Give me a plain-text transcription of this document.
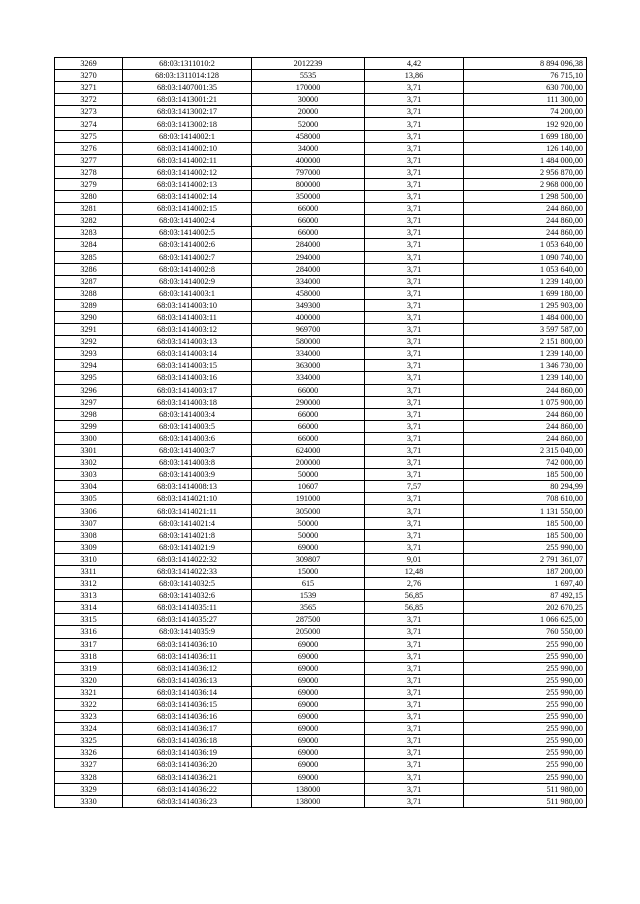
3269	68:03:1311010:2	2012239	4,42	8 894 096,38
3270	68:03:1311014:128	5535	13,86	76 715,10
3271	68:03:1407001:35	170000	3,71	630 700,00
3272	68:03:1413001:21	30000	3,71	111 300,00
3273	68:03:1413002:17	20000	3,71	74 200,00
3274	68:03:1413002:18	52000	3,71	192 920,00
3275	68:03:1414002:1	458000	3,71	1 699 180,00
3276	68:03:1414002:10	34000	3,71	126 140,00
3277	68:03:1414002:11	400000	3,71	1 484 000,00
3278	68:03:1414002:12	797000	3,71	2 956 870,00
3279	68:03:1414002:13	800000	3,71	2 968 000,00
3280	68:03:1414002:14	350000	3,71	1 298 500,00
3281	68:03:1414002:15	66000	3,71	244 860,00
3282	68:03:1414002:4	66000	3,71	244 860,00
3283	68:03:1414002:5	66000	3,71	244 860,00
3284	68:03:1414002:6	284000	3,71	1 053 640,00
3285	68:03:1414002:7	294000	3,71	1 090 740,00
3286	68:03:1414002:8	284000	3,71	1 053 640,00
3287	68:03:1414002:9	334000	3,71	1 239 140,00
3288	68:03:1414003:1	458000	3,71	1 699 180,00
3289	68:03:1414003:10	349300	3,71	1 295 903,00
3290	68:03:1414003:11	400000	3,71	1 484 000,00
3291	68:03:1414003:12	969700	3,71	3 597 587,00
3292	68:03:1414003:13	580000	3,71	2 151 800,00
3293	68:03:1414003:14	334000	3,71	1 239 140,00
3294	68:03:1414003:15	363000	3,71	1 346 730,00
3295	68:03:1414003:16	334000	3,71	1 239 140,00
3296	68:03:1414003:17	66000	3,71	244 860,00
3297	68:03:1414003:18	290000	3,71	1 075 900,00
3298	68:03:1414003:4	66000	3,71	244 860,00
3299	68:03:1414003:5	66000	3,71	244 860,00
3300	68:03:1414003:6	66000	3,71	244 860,00
3301	68:03:1414003:7	624000	3,71	2 315 040,00
3302	68:03:1414003:8	200000	3,71	742 000,00
3303	68:03:1414003:9	50000	3,71	185 500,00
3304	68:03:1414008:13	10607	7,57	80 294,99
3305	68:03:1414021:10	191000	3,71	708 610,00
3306	68:03:1414021:11	305000	3,71	1 131 550,00
3307	68:03:1414021:4	50000	3,71	185 500,00
3308	68:03:1414021:8	50000	3,71	185 500,00
3309	68:03:1414021:9	69000	3,71	255 990,00
3310	68:03:1414022:32	309807	9,01	2 791 361,07
3311	68:03:1414022:33	15000	12,48	187 200,00
3312	68:03:1414032:5	615	2,76	1 697,40
3313	68:03:1414032:6	1539	56,85	87 492,15
3314	68:03:1414035:11	3565	56,85	202 670,25
3315	68:03:1414035:27	287500	3,71	1 066 625,00
3316	68:03:1414035:9	205000	3,71	760 550,00
3317	68:03:1414036:10	69000	3,71	255 990,00
3318	68:03:1414036:11	69000	3,71	255 990,00
3319	68:03:1414036:12	69000	3,71	255 990,00
3320	68:03:1414036:13	69000	3,71	255 990,00
3321	68:03:1414036:14	69000	3,71	255 990,00
3322	68:03:1414036:15	69000	3,71	255 990,00
3323	68:03:1414036:16	69000	3,71	255 990,00
3324	68:03:1414036:17	69000	3,71	255 990,00
3325	68:03:1414036:18	69000	3,71	255 990,00
3326	68:03:1414036:19	69000	3,71	255 990,00
3327	68:03:1414036:20	69000	3,71	255 990,00
3328	68:03:1414036:21	69000	3,71	255 990,00
3329	68:03:1414036:22	138000	3,71	511 980,00
3330	68:03:1414036:23	138000	3,71	511 980,00
